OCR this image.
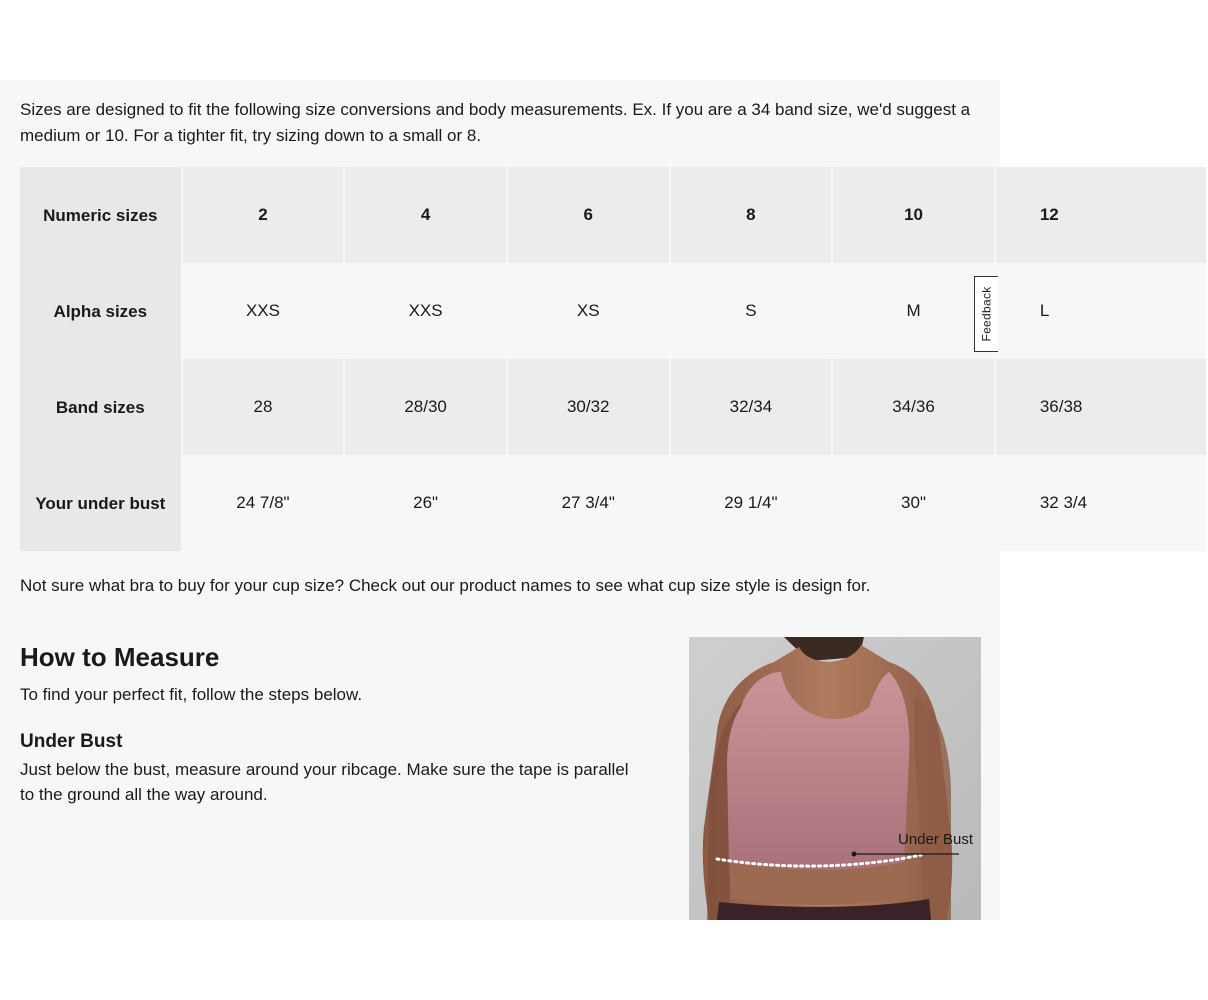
Sizes are designed to fit the following size conversions and body measurements. Ex. If you are a 34 band size, we'd suggest a medium or 10. For a tighter fit, try sizing down to a small or 8.

Numeric sizes	2	4	6	8	10	12
Alpha sizes	XXS	XXS	XS	S	M	L
Band sizes	28	28/30	30/32	32/34	34/36	36/38
Your under bust	24 7/8"	26"	27 3/4"	29 1/4"	30"	32 3/4
Feedback

Not sure what bra to buy for your cup size? Check out our product names to see what cup size style is design for.

How to Measure

To find your perfect fit, follow the steps below.

Under Bust

Just below the bust, measure around your ribcage. Make sure the tape is parallel to the ground all the way around.

Under Bust
